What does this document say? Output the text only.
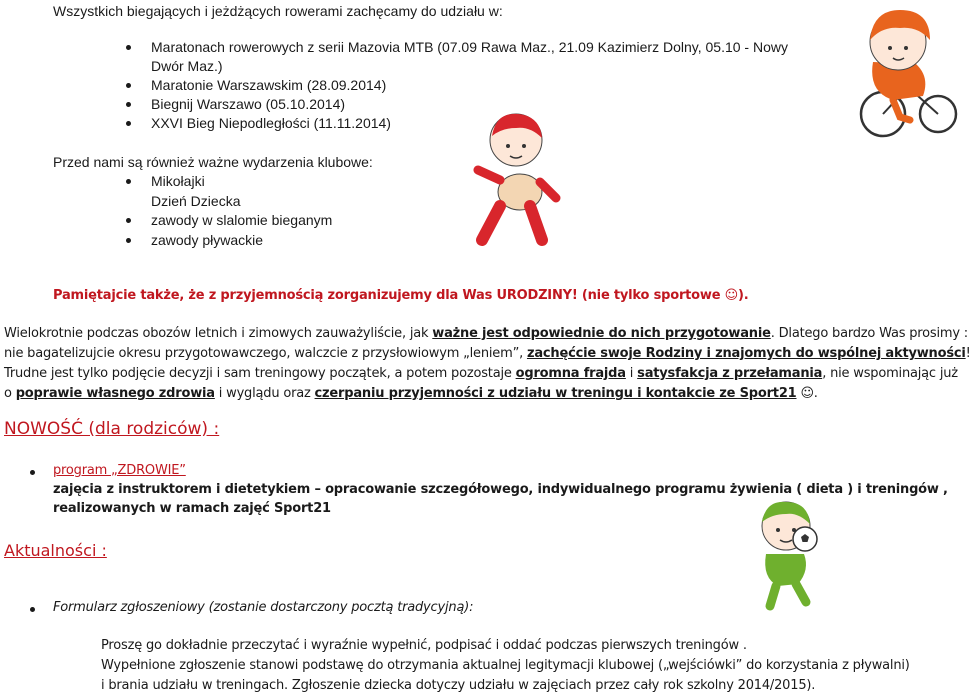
Wszystkich biegających i jeżdżących rowerami zachęcamy do udziału w:
Maratonach rowerowych z serii Mazovia MTB (07.09 Rawa Maz., 21.09 Kazimierz Dolny, 05.10 - Nowy
Dwór Maz.)
Maratonie Warszawskim (28.09.2014)
Biegnij Warszawo (05.10.2014)
XXVI Bieg Niepodległości (11.11.2014)
Przed nami są również ważne wydarzenia klubowe:
Mikołajki
Dzień Dziecka
zawody w slalomie bieganym
zawody pływackie
Pamiętajcie także, że z przyjemnością zorganizujemy dla Was URODZINY! (nie tylko sportowe ☺).
Wielokrotnie podczas obozów letnich i zimowych zauważyliście, jak ważne jest odpowiednie do nich przygotowanie. Dlatego bardzo Was prosimy :
nie bagatelizujcie okresu przygotowawczego, walczcie z przysłowiowym „leniem”, zachęćcie swoje Rodziny i znajomych do wspólnej aktywności!
Trudne jest tylko podjęcie decyzji i sam treningowy początek, a potem pozostaje ogromna frajda i satysfakcja z przełamania, nie wspominając już
o poprawie własnego zdrowia i wyglądu oraz czerpaniu przyjemności z udziału w treningu i kontakcie ze Sport21 ☺.
NOWOŚĆ (dla rodziców) :
program „ZDROWIE”
zajęcia z instruktorem i dietetykiem – opracowanie szczegółowego, indywidualnego programu żywienia ( dieta ) i treningów ,
realizowanych w ramach zajęć Sport21
Aktualności :
Formularz zgłoszeniowy (zostanie dostarczony pocztą tradycyjną):
Proszę go dokładnie przeczytać i wyraźnie wypełnić, podpisać i oddać podczas pierwszych treningów .
Wypełnione zgłoszenie stanowi podstawę do otrzymania aktualnej legitymacji klubowej („wejściówki” do korzystania z pływalni)
i brania udziału w treningach. Zgłoszenie dziecka dotyczy udziału w zajęciach przez cały rok szkolny 2014/2015).
